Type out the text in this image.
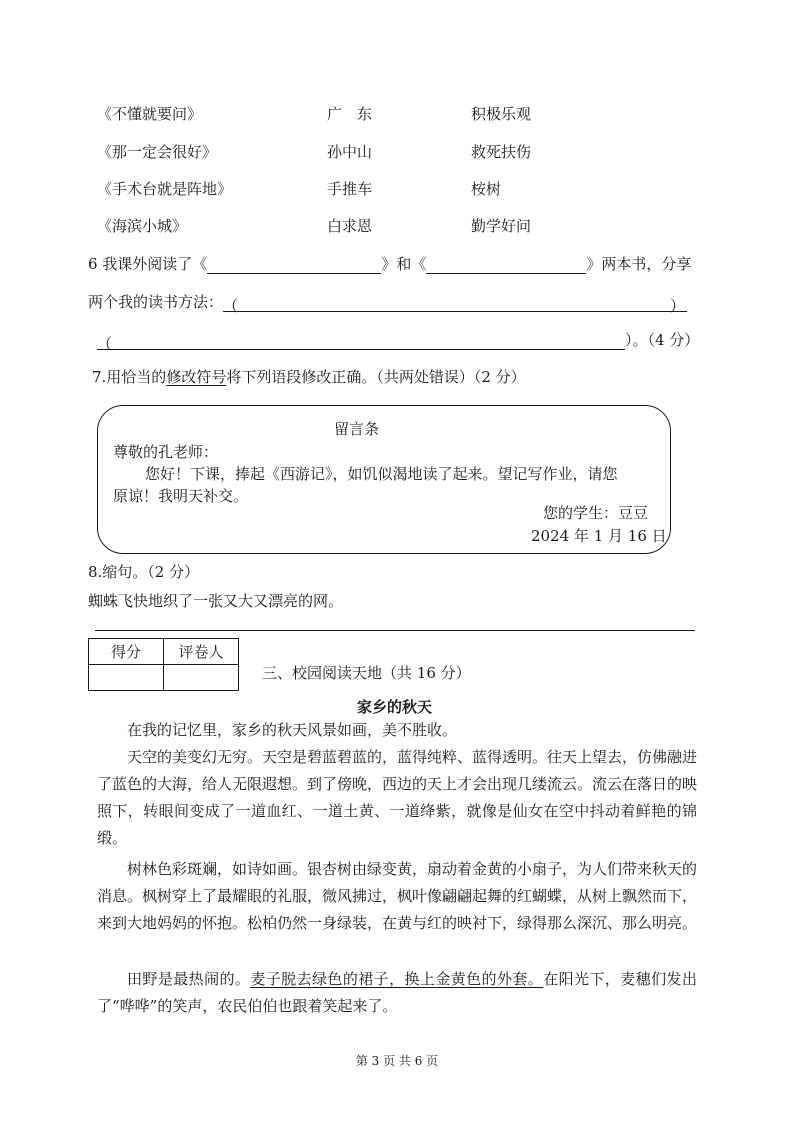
《不懂就要问》	广　东	积极乐观
《那一定会很好》	孙中山	救死扶伤
《手术台就是阵地》	手推车	桉树
《海滨小城》	白求恩	勤学好问
6 我课外阅读了《	》和《	》两本书，分享
两个我的读书方法：（	）
（	）。（4 分）
7.用恰当的修改符号将下列语段修改正确。（共两处错误）（2 分）
留言条
尊敬的孔老师：
您好！下课，捧起《西游记》，如饥似渴地读了起来。望记写作业，请您
原谅！我明天补交。
您的学生：豆豆
2024 年 1 月 16 日
8.缩句。（2 分）
蜘蛛飞快地织了一张又大又漂亮的网。
得分	评卷人

三、校园阅读天地（共 16 分）
家乡的秋天
在我的记忆里，家乡的秋天风景如画，美不胜收。
天空的美变幻无穷。天空是碧蓝碧蓝的，蓝得纯粹、蓝得透明。往天上望去，仿佛融进了蓝色的大海，给人无限遐想。到了傍晚，西边的天上才会出现几缕流云。流云在落日的映照下，转眼间变成了一道血红、一道土黄、一道绛紫，就像是仙女在空中抖动着鲜艳的锦缎。
树林色彩斑斓，如诗如画。银杏树由绿变黄，扇动着金黄的小扇子，为人们带来秋天的消息。枫树穿上了最耀眼的礼服，微风拂过，枫叶像翩翩起舞的红蝴蝶，从树上飘然而下，来到大地妈妈的怀抱。松柏仍然一身绿装，在黄与红的映衬下，绿得那么深沉、那么明亮。
田野是最热闹的。麦子脱去绿色的裙子，换上金黄色的外套。在阳光下，麦穗们发出了“哗哗”的笑声，农民伯伯也跟着笑起来了。
第 3 页 共 6 页
